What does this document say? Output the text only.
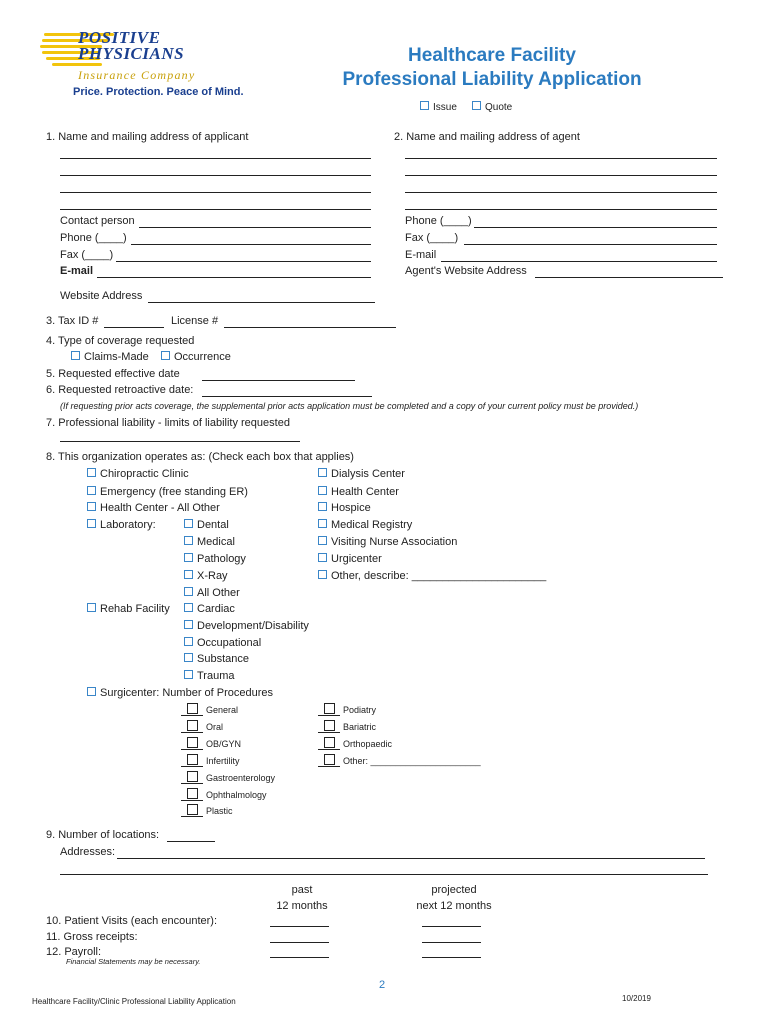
POSITIVE
PHYSICIANS
Insurance Company
Price. Protection. Peace of Mind.
Healthcare Facility
Professional Liability Application
Issue	Quote
1. Name and mailing address of applicant
Contact person
Phone (____)
Fax (____)
E-mail
2. Name and mailing address of agent
Phone (____)
Fax (____)
E-mail
Agent's Website Address
Website Address
3. Tax ID #	License #
4. Type of coverage requested
Claims-Made	Occurrence
5. Requested effective date
6. Requested retroactive date:
(If requesting prior acts coverage, the supplemental prior acts application must be completed and a copy of your current policy must be provided.)
7. Professional liability - limits of liability requested
8. This organization operates as: (Check each box that applies)
Chiropractic Clinic
Emergency (free standing ER)
Health Center - All Other
Laboratory:	Dental
Medical
Pathology
X-Ray
All Other
Rehab Facility	Cardiac
Development/Disability
Occupational
Substance
Trauma
Dialysis Center
Health Center
Hospice
Medical Registry
Visiting Nurse Association
Urgicenter
Other, describe: ______________________
Surgicenter: Number of Procedures
General
Oral
OB/GYN
Infertility
Gastroenterology
Ophthalmology
Plastic
Podiatry
Bariatric
Orthopaedic
Other: ______________________
9. Number of locations:
Addresses:
past
12 months
projected
next 12 months
10. Patient Visits (each encounter):
11. Gross receipts:
12. Payroll:
Financial Statements may be necessary.
2
Healthcare Facility/Clinic Professional Liability Application	10/2019
